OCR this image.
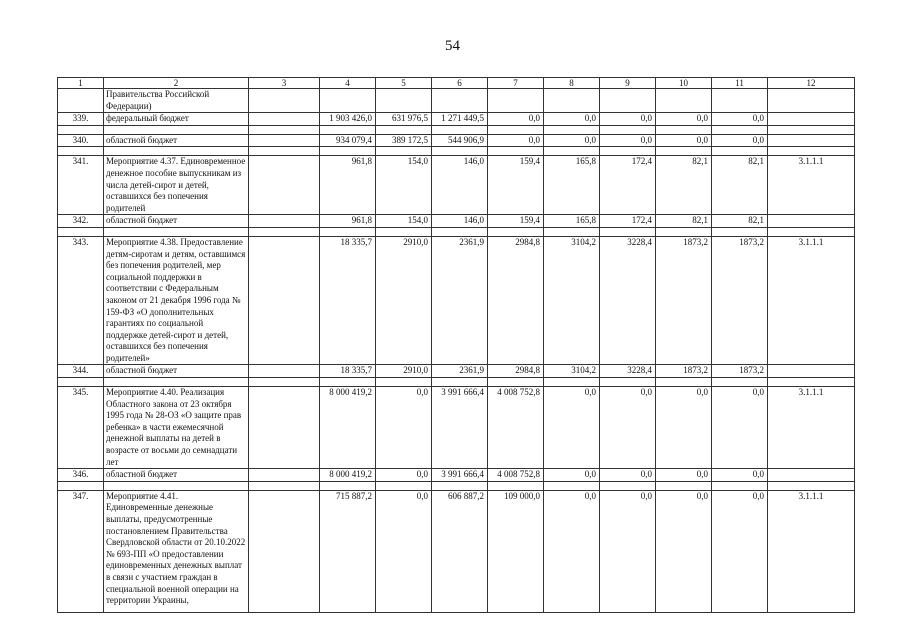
54
1	2	3	4	5	6	7	8	9	10	11	12
	Правительства Российской Федерации)										
339.	федеральный бюджет		1 903 426,0	631 976,5	1 271 449,5	0,0	0,0	0,0	0,0	0,0	

340.	областной бюджет		934 079,4	389 172,5	544 906,9	0,0	0,0	0,0	0,0	0,0	

341.	Мероприятие 4.37. Единовременное денежное пособие выпускникам из числа детей-сирот и детей, оставшихся без попечения родителей		961,8	154,0	146,0	159,4	165,8	172,4	82,1	82,1	3.1.1.1
342.	областной бюджет		961,8	154,0	146,0	159,4	165,8	172,4	82,1	82,1	

343.	Мероприятие 4.38. Предоставление детям-сиротам и детям, оставшимся без попечения родителей, мер социальной поддержки в соответствии с Федеральным законом от 21 декабря 1996 года № 159-ФЗ «О дополнительных гарантиях по социальной поддержке детей-сирот и детей, оставшихся без попечения родителей»		18 335,7	2910,0	2361,9	2984,8	3104,2	3228,4	1873,2	1873,2	3.1.1.1
344.	областной бюджет		18 335,7	2910,0	2361,9	2984,8	3104,2	3228,4	1873,2	1873,2	

345.	Мероприятие 4.40. Реализация Областного закона от 23 октября 1995 года № 28-ОЗ «О защите прав ребенка» в части ежемесячной денежной выплаты на детей в возрасте от восьми до семнадцати лет		8 000 419,2	0,0	3 991 666,4	4 008 752,8	0,0	0,0	0,0	0,0	3.1.1.1
346.	областной бюджет		8 000 419,2	0,0	3 991 666,4	4 008 752,8	0,0	0,0	0,0	0,0	

347.	Мероприятие 4.41. Единовременные денежные выплаты, предусмотренные постановлением Правительства Свердловской области от 20.10.2022 № 693-ПП «О предоставлении единовременных денежных выплат в связи с участием граждан в специальной военной операции на территории Украины,		715 887,2	0,0	606 887,2	109 000,0	0,0	0,0	0,0	0,0	3.1.1.1
